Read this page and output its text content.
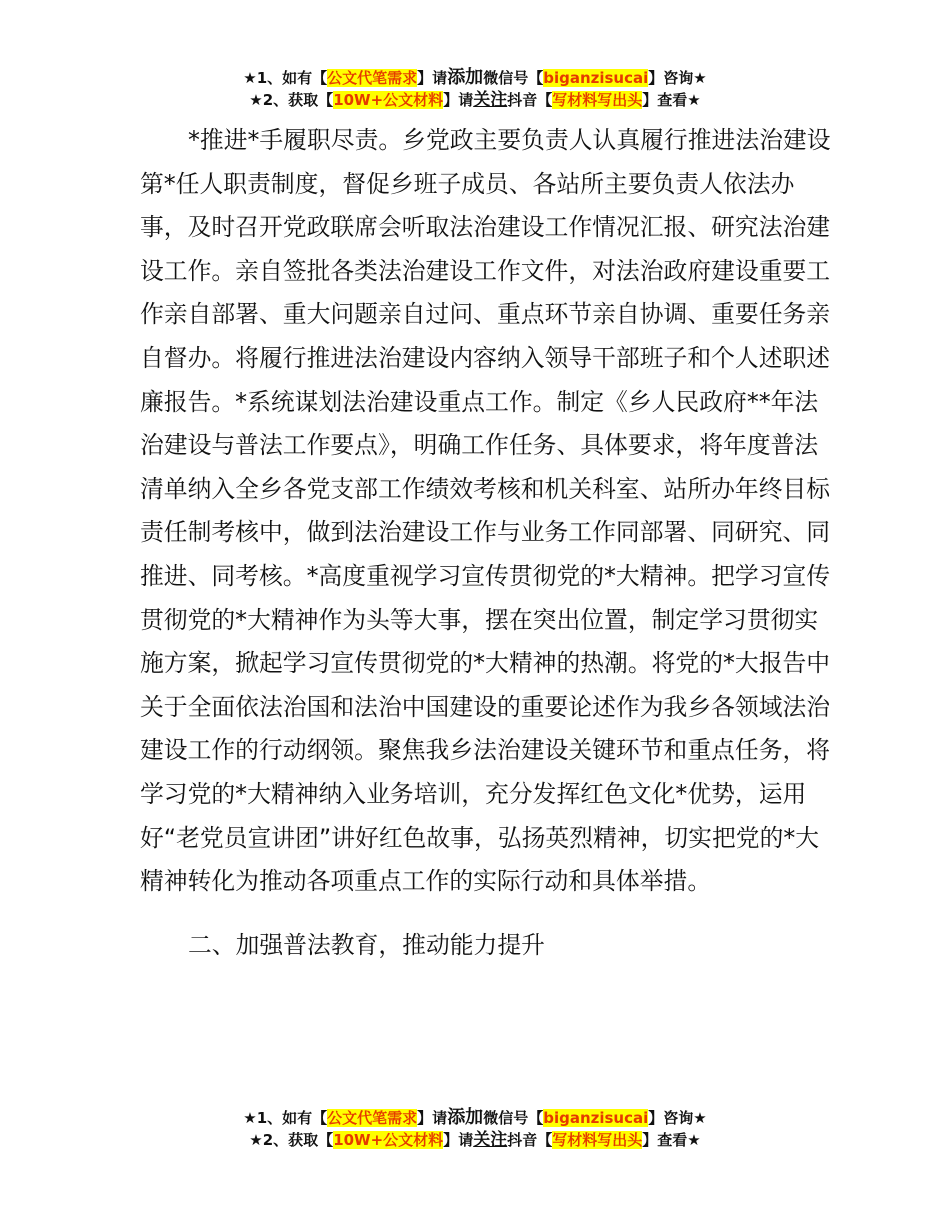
★1、如有【公文代笔需求】请添加微信号【biganzisucai】咨询★
★2、获取【10W+公文材料】请关注抖音【写材料写出头】查看★

*推进*手履职尽责。乡党政主要负责人认真履行推进法治建设第*任人职责制度，督促乡班子成员、各站所主要负责人依法办事，及时召开党政联席会听取法治建设工作情况汇报、研究法治建设工作。亲自签批各类法治建设工作文件，对法治政府建设重要工作亲自部署、重大问题亲自过问、重点环节亲自协调、重要任务亲自督办。将履行推进法治建设内容纳入领导干部班子和个人述职述廉报告。*系统谋划法治建设重点工作。制定《乡人民政府**年法治建设与普法工作要点》，明确工作任务、具体要求，将年度普法清单纳入全乡各党支部工作绩效考核和机关科室、站所办年终目标责任制考核中，做到法治建设工作与业务工作同部署、同研究、同推进、同考核。*高度重视学习宣传贯彻党的*大精神。把学习宣传贯彻党的*大精神作为头等大事，摆在突出位置，制定学习贯彻实施方案，掀起学习宣传贯彻党的*大精神的热潮。将党的*大报告中关于全面依法治国和法治中国建设的重要论述作为我乡各领域法治建设工作的行动纲领。聚焦我乡法治建设关键环节和重点任务，将学习党的*大精神纳入业务培训，充分发挥红色文化*优势，运用好“老党员宣讲团”讲好红色故事，弘扬英烈精神，切实把党的*大精神转化为推动各项重点工作的实际行动和具体举措。

二、加强普法教育，推动能力提升

★1、如有【公文代笔需求】请添加微信号【biganzisucai】咨询★
★2、获取【10W+公文材料】请关注抖音【写材料写出头】查看★
